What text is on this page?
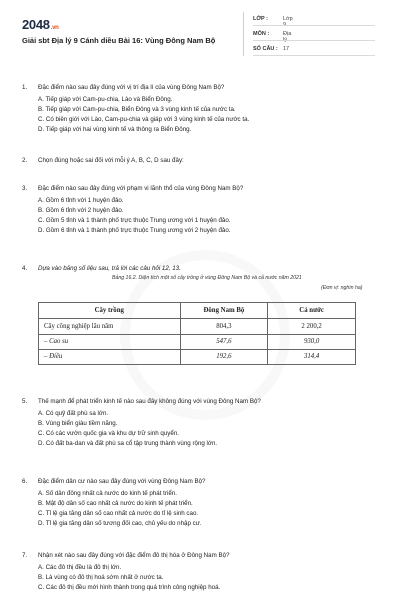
2048.vn
Giải sbt Địa lý 9 Cánh diều Bài 16: Vùng Đông Nam Bộ
LỚP :	Lớp
MÔN :	Địa
SỐ CÂU : 17
1. Đặc điểm nào sau đây đúng với vị trí địa lí của vùng Đông Nam Bộ?
A. Tiếp giáp với Cam-pu-chia, Lào và Biển Đông.
B. Tiếp giáp với Cam-pu-chia, Biển Đông và 3 vùng kinh tế của nước ta.
C. Có biên giới với Lào, Cam-pu-chia và giáp với 3 vùng kinh tế của nước ta.
D. Tiếp giáp với hai vùng kinh tế và thông ra Biển Đông.
2. Chọn đúng hoặc sai đối với mỗi ý A, B, C, D sau đây:
3. Đặc điểm nào sau đây đúng với phạm vi lãnh thổ của vùng Đông Nam Bộ?
A. Gồm 6 tỉnh với 1 huyện đảo.
B. Gồm 6 tỉnh với 2 huyện đảo.
C. Gồm 5 tỉnh và 1 thành phố trực thuộc Trung ương với 1 huyện đảo.
D. Gồm 6 tỉnh và 1 thành phố trực thuộc Trung ương với 2 huyện đảo.
4. Dựa vào bảng số liệu sau, trả lời các câu hỏi 12, 13.
Bảng 16.2. Diện tích một số cây trồng ở vùng Đông Nam Bộ và cả nước năm 2021
(Đơn vị: nghìn ha)
Cây trồng	Đông Nam Bộ	Cả nước
Cây công nghiệp lâu năm	804,3	2 200,2
– Cao su	547,6	930,0
– Điều	192,6	314,4
5. Thế mạnh để phát triển kinh tế nào sau đây không đúng với vùng Đông Nam Bộ?
A. Có quỹ đất phù sa lớn.
B. Vùng biển giàu tiềm năng.
C. Có các vườn quốc gia và khu dự trữ sinh quyển.
D. Có đất ba-dan và đất phù sa cổ tập trung thành vùng rộng lớn.
6. Đặc điểm dân cư nào sau đây đúng với vùng Đông Nam Bộ?
A. Số dân đông nhất cả nước do kinh tế phát triển.
B. Mật độ dân số cao nhất cả nước do kinh tế phát triển.
C. Tỉ lệ gia tăng dân số cao nhất cả nước do tỉ lệ sinh cao.
D. Tỉ lệ gia tăng dân số tương đối cao, chủ yếu do nhập cư.
7. Nhận xét nào sau đây đúng với đặc điểm đô thị hóa ở Đông Nam Bộ?
A. Các đô thị đều là đô thị lớn.
B. Là vùng có đô thị hoá sớm nhất ở nước ta.
C. Các đô thị đều mới hình thành trong quá trình công nghiệp hoá.
